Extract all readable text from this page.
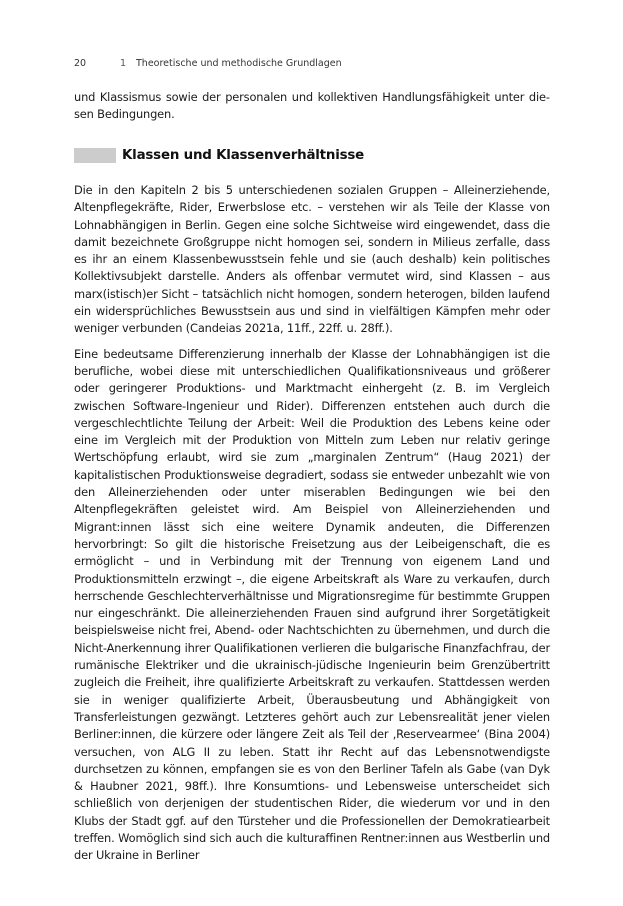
20	1	Theoretische und methodische Grundlagen

und Klassismus sowie der personalen und kollektiven Handlungsfähigkeit unter diesen Bedingungen.

Klassen und Klassenverhältnisse

Die in den Kapiteln 2 bis 5 unterschiedenen sozialen Gruppen – Alleinerziehende, Altenpflegekräfte, Rider, Erwerbslose etc. – verstehen wir als Teile der Klasse von Lohnabhängigen in Berlin. Gegen eine solche Sichtweise wird eingewendet, dass die damit bezeichnete Großgruppe nicht homogen sei, sondern in Milieus zerfalle, dass es ihr an einem Klassenbewusstsein fehle und sie (auch deshalb) kein politisches Kollektivsubjekt darstelle. Anders als offenbar vermutet wird, sind Klassen – aus marx(istisch)er Sicht – tatsächlich nicht homogen, sondern heterogen, bilden laufend ein widersprüchliches Bewusstsein aus und sind in vielfältigen Kämpfen mehr oder weniger verbunden (Candeias 2021a, 11ff., 22ff. u. 28ff.).

Eine bedeutsame Differenzierung innerhalb der Klasse der Lohnabhängigen ist die berufliche, wobei diese mit unterschiedlichen Qualifikationsniveaus und größerer oder geringerer Produktions- und Marktmacht einhergeht (z. B. im Vergleich zwischen Software-Ingenieur und Rider). Differenzen entstehen auch durch die vergeschlechtlichte Teilung der Arbeit: Weil die Produktion des Lebens keine oder eine im Vergleich mit der Produktion von Mitteln zum Leben nur relativ geringe Wertschöpfung erlaubt, wird sie zum „marginalen Zentrum“ (Haug 2021) der kapitalistischen Produktionsweise degradiert, sodass sie entweder unbezahlt wie von den Alleinerziehenden oder unter miserablen Bedingungen wie bei den Altenpflegekräften geleistet wird. Am Beispiel von Alleinerziehenden und Migrant:innen lässt sich eine weitere Dynamik andeuten, die Differenzen hervorbringt: So gilt die historische Freisetzung aus der Leibeigenschaft, die es ermöglicht – und in Verbindung mit der Trennung von eigenem Land und Produktionsmitteln erzwingt –, die eigene Arbeitskraft als Ware zu verkaufen, durch herrschende Geschlechterverhältnisse und Migrationsregime für bestimmte Gruppen nur eingeschränkt. Die alleinerziehenden Frauen sind aufgrund ihrer Sorgetätigkeit beispielsweise nicht frei, Abend- oder Nachtschichten zu übernehmen, und durch die Nicht-Anerkennung ihrer Qualifikationen verlieren die bulgarische Finanzfachfrau, der rumänische Elektriker und die ukrainisch-jüdische Ingenieurin beim Grenzübertritt zugleich die Freiheit, ihre qualifizierte Arbeitskraft zu verkaufen. Stattdessen werden sie in weniger qualifizierte Arbeit, Überausbeutung und Abhängigkeit von Transferleistungen gezwängt. Letzteres gehört auch zur Lebensrealität jener vielen Berliner:innen, die kürzere oder längere Zeit als Teil der ‚Reservearmee‘ (Bina 2004) versuchen, von ALG II zu leben. Statt ihr Recht auf das Lebensnotwendigste durchsetzen zu können, empfangen sie es von den Berliner Tafeln als Gabe (van Dyk & Haubner 2021, 98ff.). Ihre Konsumtions- und Lebensweise unterscheidet sich schließlich von derjenigen der studentischen Rider, die wiederum vor und in den Klubs der Stadt ggf. auf den Türsteher und die Professionellen der Demokratiearbeit treffen. Womöglich sind sich auch die kulturaffinen Rentner:innen aus Westberlin und der Ukraine in Berliner
